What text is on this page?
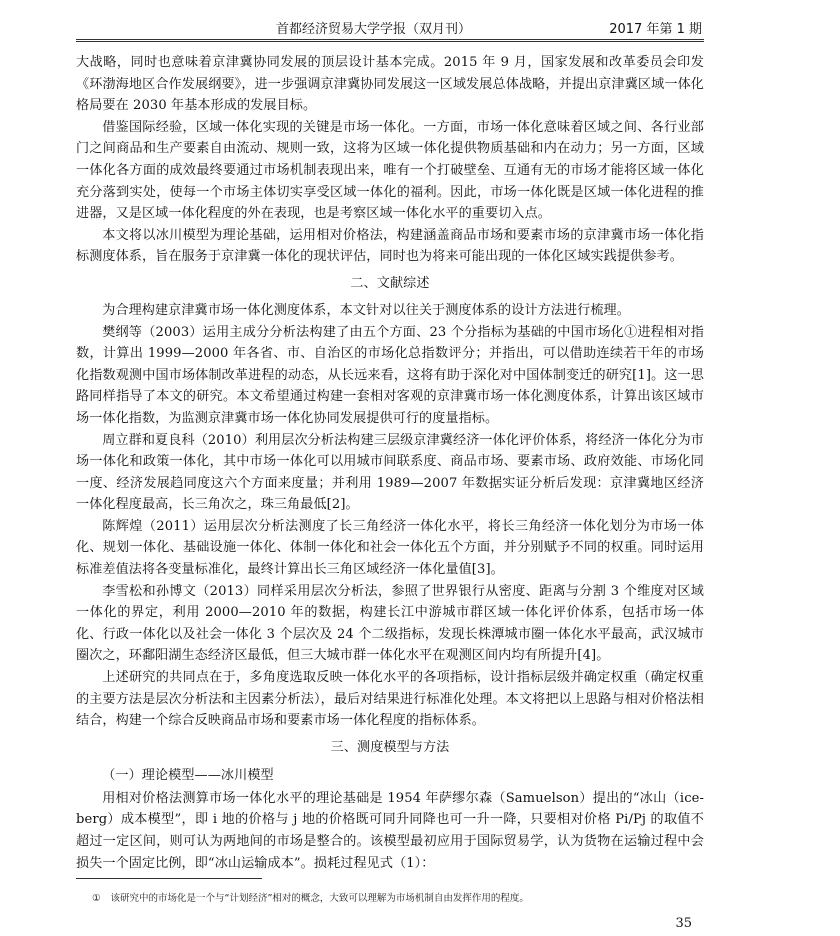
首都经济贸易大学学报（双月刊）	2017 年第 1 期

大战略，同时也意味着京津冀协同发展的顶层设计基本完成。2015 年 9 月，国家发展和改革委员会印发《环渤海地区合作发展纲要》，进一步强调京津冀协同发展这一区域发展总体战略，并提出京津冀区域一体化格局要在 2030 年基本形成的发展目标。

借鉴国际经验，区域一体化实现的关键是市场一体化。一方面，市场一体化意味着区域之间、各行业部门之间商品和生产要素自由流动、规则一致，这将为区域一体化提供物质基础和内在动力；另一方面，区域一体化各方面的成效最终要通过市场机制表现出来，唯有一个打破壁垒、互通有无的市场才能将区域一体化充分落到实处，使每一个市场主体切实享受区域一体化的福利。因此，市场一体化既是区域一体化进程的推进器，又是区域一体化程度的外在表现，也是考察区域一体化水平的重要切入点。

本文将以冰川模型为理论基础，运用相对价格法，构建涵盖商品市场和要素市场的京津冀市场一体化指标测度体系，旨在服务于京津冀一体化的现状评估，同时也为将来可能出现的一体化区域实践提供参考。

二、文献综述

为合理构建京津冀市场一体化测度体系，本文针对以往关于测度体系的设计方法进行梳理。

樊纲等（2003）运用主成分分析法构建了由五个方面、23 个分指标为基础的中国市场化①进程相对指数，计算出 1999—2000 年各省、市、自治区的市场化总指数评分；并指出，可以借助连续若干年的市场化指数观测中国市场体制改革进程的动态，从长远来看，这将有助于深化对中国体制变迁的研究[1]。这一思路同样指导了本文的研究。本文希望通过构建一套相对客观的京津冀市场一体化测度体系，计算出该区域市场一体化指数，为监测京津冀市场一体化协同发展提供可行的度量指标。

周立群和夏良科（2010）利用层次分析法构建三层级京津冀经济一体化评价体系，将经济一体化分为市场一体化和政策一体化，其中市场一体化可以用城市间联系度、商品市场、要素市场、政府效能、市场化同一度、经济发展趋同度这六个方面来度量；并利用 1989—2007 年数据实证分析后发现：京津冀地区经济一体化程度最高，长三角次之，珠三角最低[2]。

陈辉煌（2011）运用层次分析法测度了长三角经济一体化水平，将长三角经济一体化划分为市场一体化、规划一体化、基础设施一体化、体制一体化和社会一体化五个方面，并分别赋予不同的权重。同时运用标准差值法将各变量标准化，最终计算出长三角区域经济一体化量值[3]。

李雪松和孙博文（2013）同样采用层次分析法，参照了世界银行从密度、距离与分割 3 个维度对区域一体化的界定，利用 2000—2010 年的数据，构建长江中游城市群区域一体化评价体系，包括市场一体化、行政一体化以及社会一体化 3 个层次及 24 个二级指标，发现长株潭城市圈一体化水平最高，武汉城市圈次之，环鄱阳湖生态经济区最低，但三大城市群一体化水平在观测区间内均有所提升[4]。

上述研究的共同点在于，多角度选取反映一体化水平的各项指标，设计指标层级并确定权重（确定权重的主要方法是层次分析法和主因素分析法），最后对结果进行标准化处理。本文将把以上思路与相对价格法相结合，构建一个综合反映商品市场和要素市场一体化程度的指标体系。

三、测度模型与方法
（一）理论模型——冰川模型

用相对价格法测算市场一体化水平的理论基础是 1954 年萨缪尔森（Samuelson）提出的“冰山（ice-berg）成本模型”，即 i 地的价格与 j 地的价格既可同升同降也可一升一降，只要相对价格 Pi/Pj 的取值不超过一定区间，则可认为两地间的市场是整合的。该模型最初应用于国际贸易学，认为货物在运输过程中会损失一个固定比例，即“冰山运输成本”。损耗过程见式（1）：

① 该研究中的市场化是一个与“计划经济”相对的概念，大致可以理解为市场机制自由发挥作用的程度。
35
